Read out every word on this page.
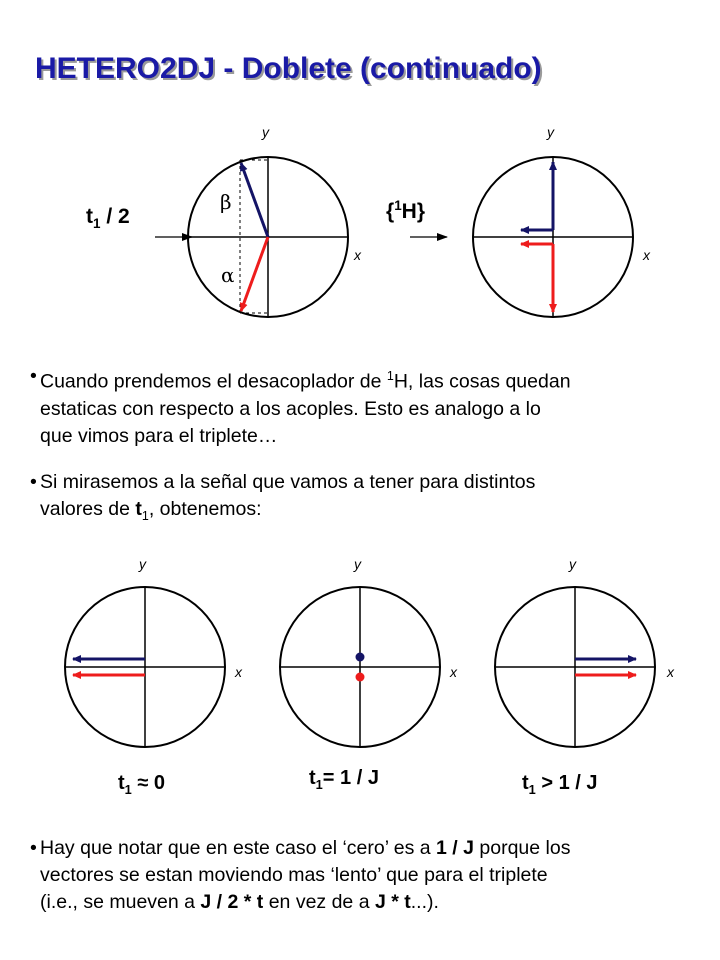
HETERO2DJ - Doblete (continuado)
y
x
y
x
y
x
y
x
y
x
β
α
$t_1 / 2$	{$^1$H}
• Cuando prendemos el desacoplador de $^1$H, las cosas quedan
estaticas con respecto a los acoples. Esto es analogo a lo
que vimos para el triplete…
• Si mirasemos a la señal que vamos a tener para distintos
valores de $t_1$, obtenemos:
$t_1 \approx 0$	$t_1= 1 / J$	$t_1 > 1 / J$
• Hay que notar que en este caso el ‘cero’ es a 1 / J porque los
vectores se estan moviendo mas ‘lento’ que para el triplete
(i.e., se mueven a J / 2 * t en vez de a J * t...).
